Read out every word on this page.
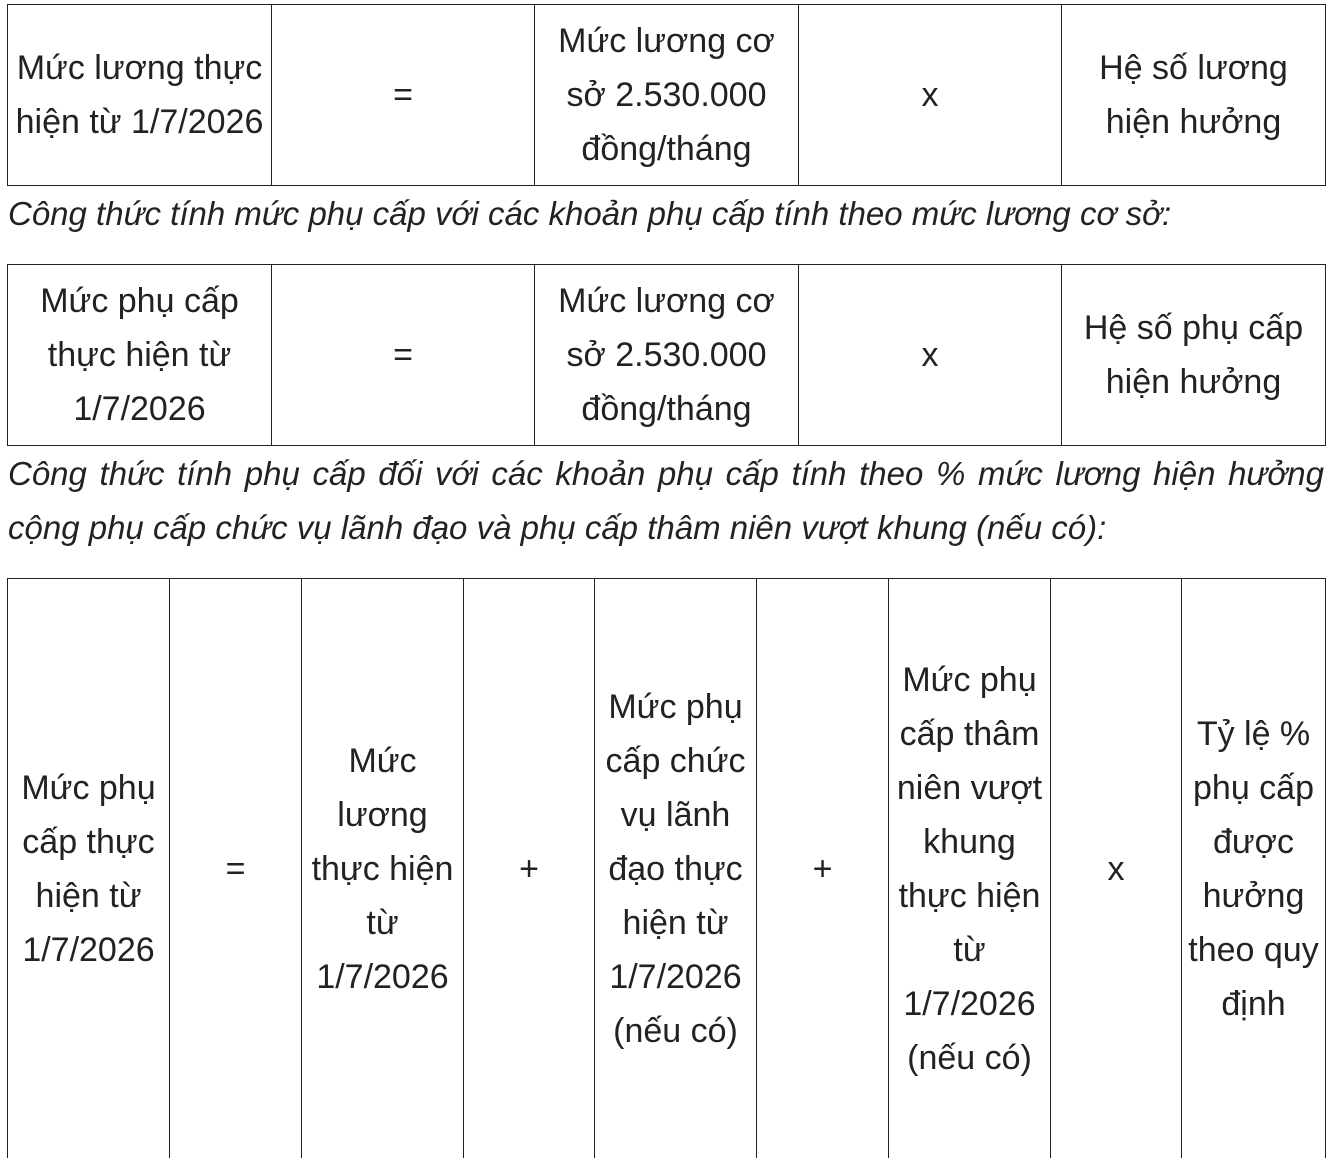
Mức lương thực hiện từ 1/7/2026	=	Mức lương cơ sở 2.530.000 đồng/tháng	x	Hệ số lương hiện hưởng

Công thức tính mức phụ cấp với các khoản phụ cấp tính theo mức lương cơ sở:

Mức phụ cấp thực hiện từ 1/7/2026	=	Mức lương cơ sở 2.530.000 đồng/tháng	x	Hệ số phụ cấp hiện hưởng

Công thức tính phụ cấp đối với các khoản phụ cấp tính theo % mức lương hiện hưởng cộng phụ cấp chức vụ lãnh đạo và phụ cấp thâm niên vượt khung (nếu có):

Mức phụ cấp thực hiện từ 1/7/2026	=	Mức lương thực hiện từ 1/7/2026	+	Mức phụ cấp chức vụ lãnh đạo thực hiện từ 1/7/2026 (nếu có)	+	Mức phụ cấp thâm niên vượt khung thực hiện từ 1/7/2026 (nếu có)	x	Tỷ lệ % phụ cấp được hưởng theo quy định
